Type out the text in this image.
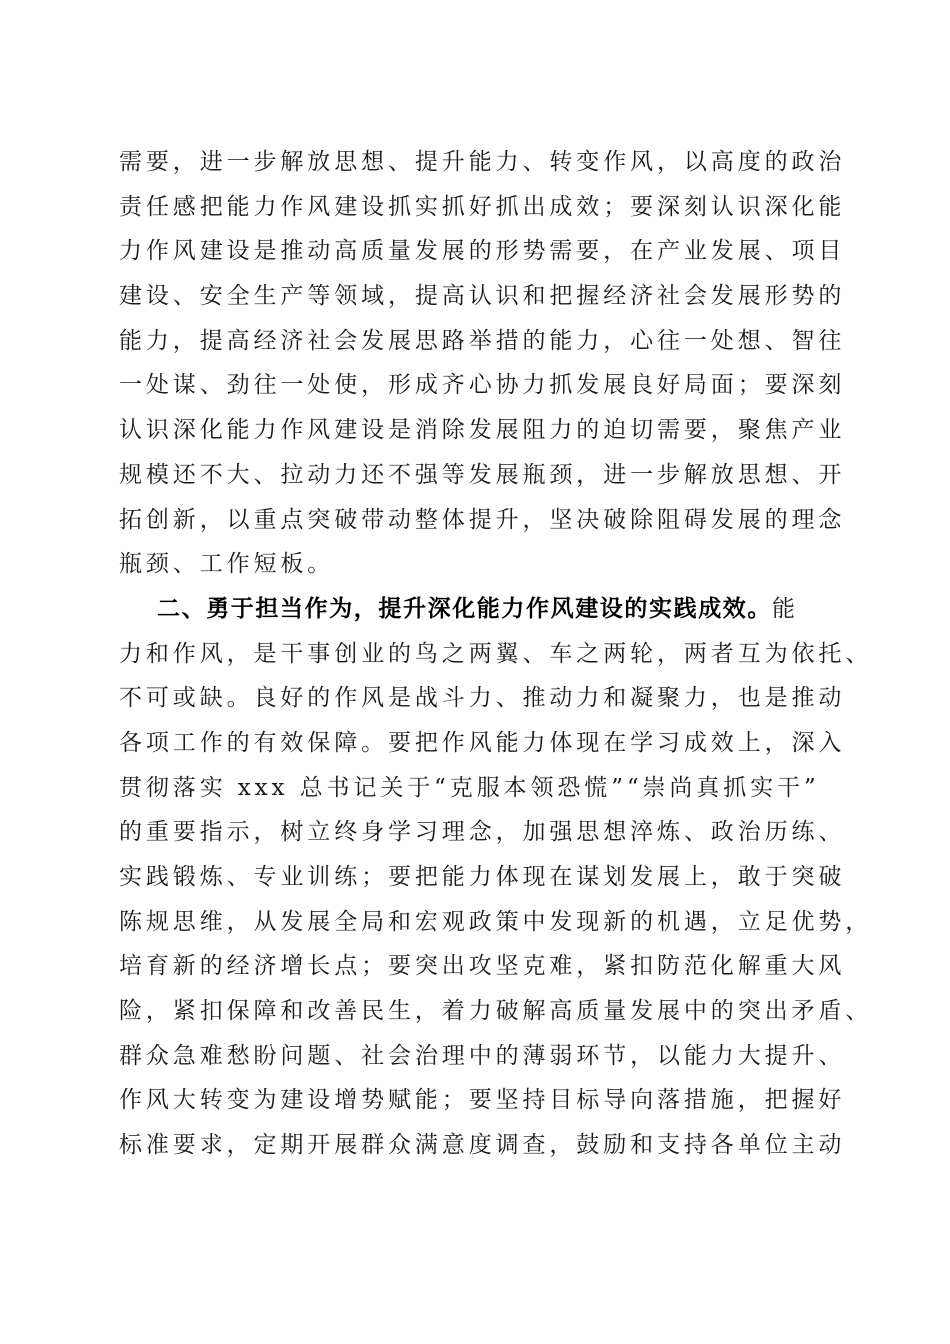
需要，进一步解放思想、提升能力、转变作风，以高度的政治
责任感把能力作风建设抓实抓好抓出成效；要深刻认识深化能
力作风建设是推动高质量发展的形势需要，在产业发展、项目
建设、安全生产等领域，提高认识和把握经济社会发展形势的
能力，提高经济社会发展思路举措的能力，心往一处想、智往
一处谋、劲往一处使，形成齐心协力抓发展良好局面；要深刻
认识深化能力作风建设是消除发展阻力的迫切需要，聚焦产业
规模还不大、拉动力还不强等发展瓶颈，进一步解放思想、开
拓创新，以重点突破带动整体提升，坚决破除阻碍发展的理念
瓶颈、工作短板。
二、勇于担当作为，提升深化能力作风建设的实践成效。能
力和作风，是干事创业的鸟之两翼、车之两轮，两者互为依托、
不可或缺。良好的作风是战斗力、推动力和凝聚力，也是推动
各项工作的有效保障。要把作风能力体现在学习成效上，深入
贯彻落实 xxx 总书记关于“克服本领恐慌”“崇尚真抓实干”
的重要指示，树立终身学习理念，加强思想淬炼、政治历练、
实践锻炼、专业训练；要把能力体现在谋划发展上，敢于突破
陈规思维，从发展全局和宏观政策中发现新的机遇，立足优势，
培育新的经济增长点；要突出攻坚克难，紧扣防范化解重大风
险，紧扣保障和改善民生，着力破解高质量发展中的突出矛盾、
群众急难愁盼问题、社会治理中的薄弱环节，以能力大提升、
作风大转变为建设增势赋能；要坚持目标导向落措施，把握好
标准要求，定期开展群众满意度调查，鼓励和支持各单位主动
